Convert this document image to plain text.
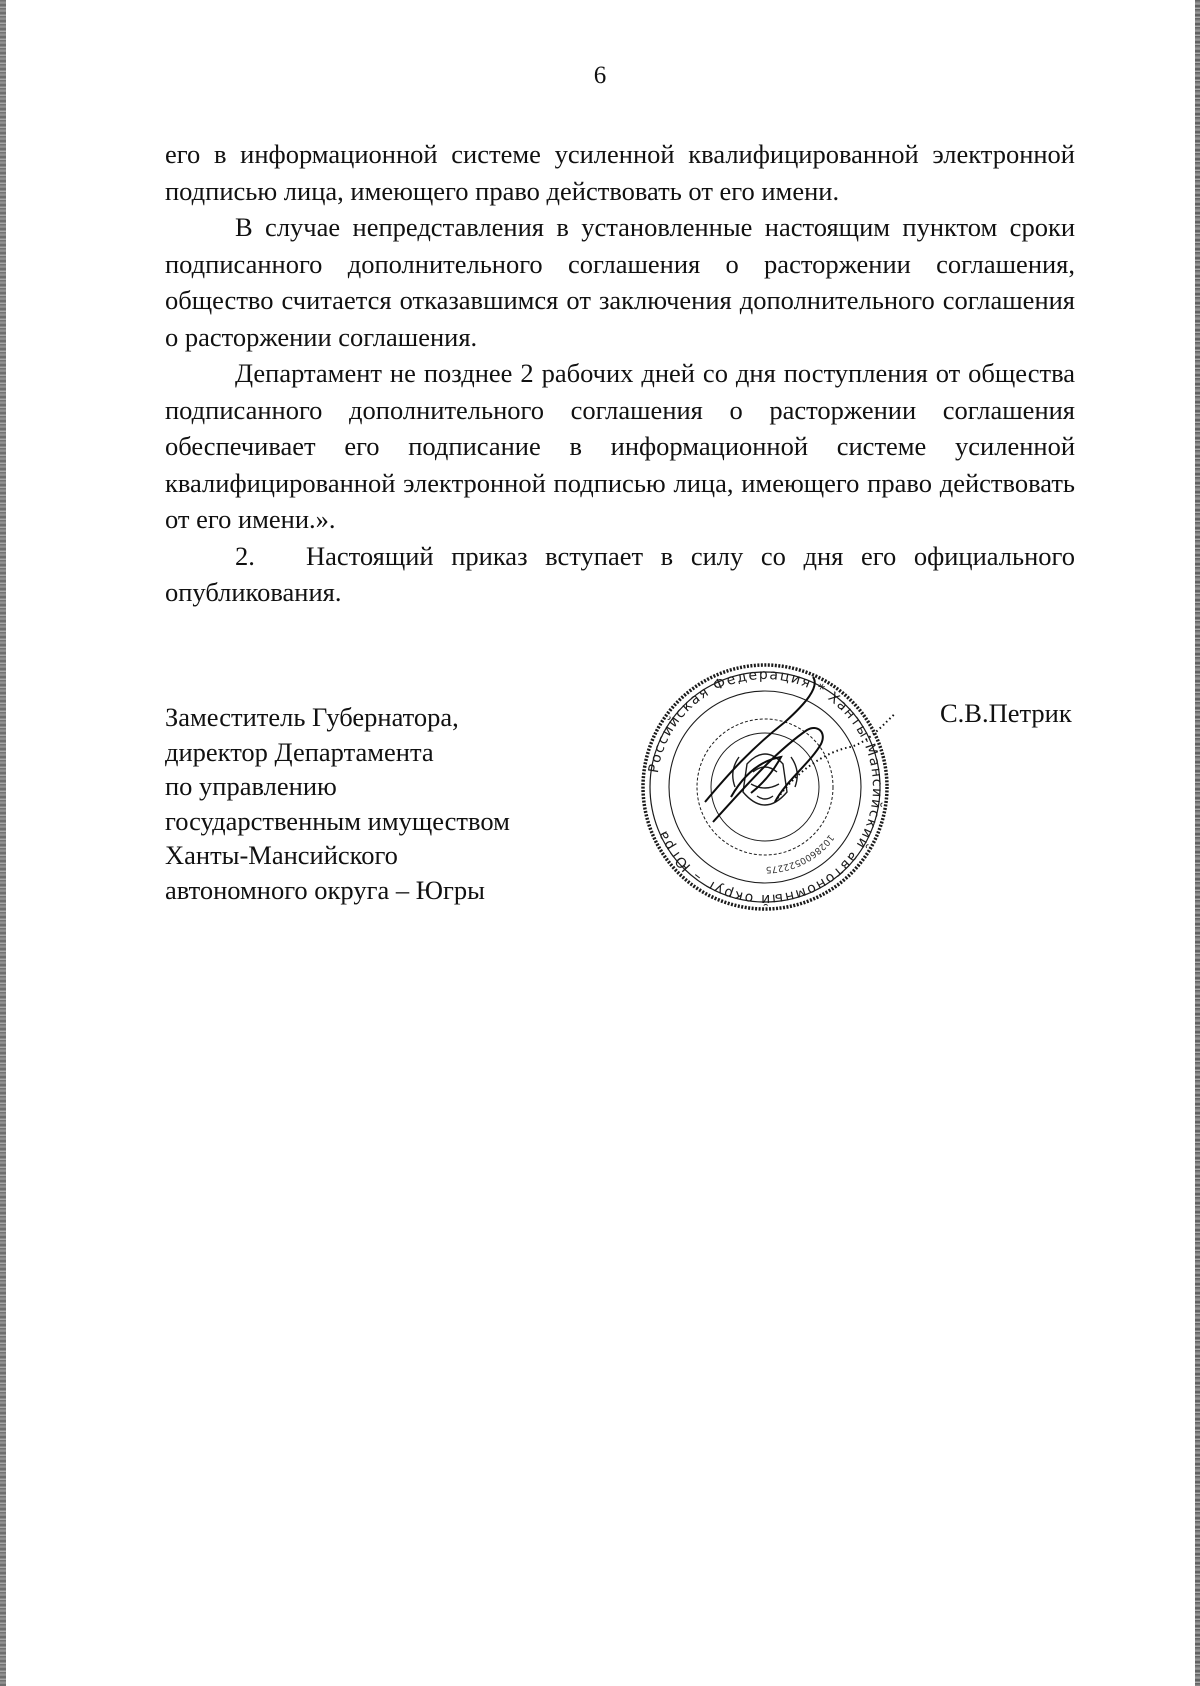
6

его в информационной системе усиленной квалифицированной электронной подписью лица, имеющего право действовать от его имени.

В случае непредставления в установленные настоящим пунктом сроки подписанного дополнительного соглашения о расторжении соглашения, общество считается отказавшимся от заключения дополнительного соглашения о расторжении соглашения.

Департамент не позднее 2 рабочих дней со дня поступления от общества подписанного дополнительного соглашения о расторжении соглашения обеспечивает его подписание в информационной системе усиленной квалифицированной электронной подписью лица, имеющего право действовать от его имени.».

2. Настоящий приказ вступает в силу со дня его официального опубликования.

Заместитель Губернатора,
директор Департамента
по управлению
государственным имуществом
Ханты-Мансийского
автономного округа – Югры
Российская Федерация * Ханты-Мансийский автономный округ – Югра	1028600522275
С.В.Петрик
